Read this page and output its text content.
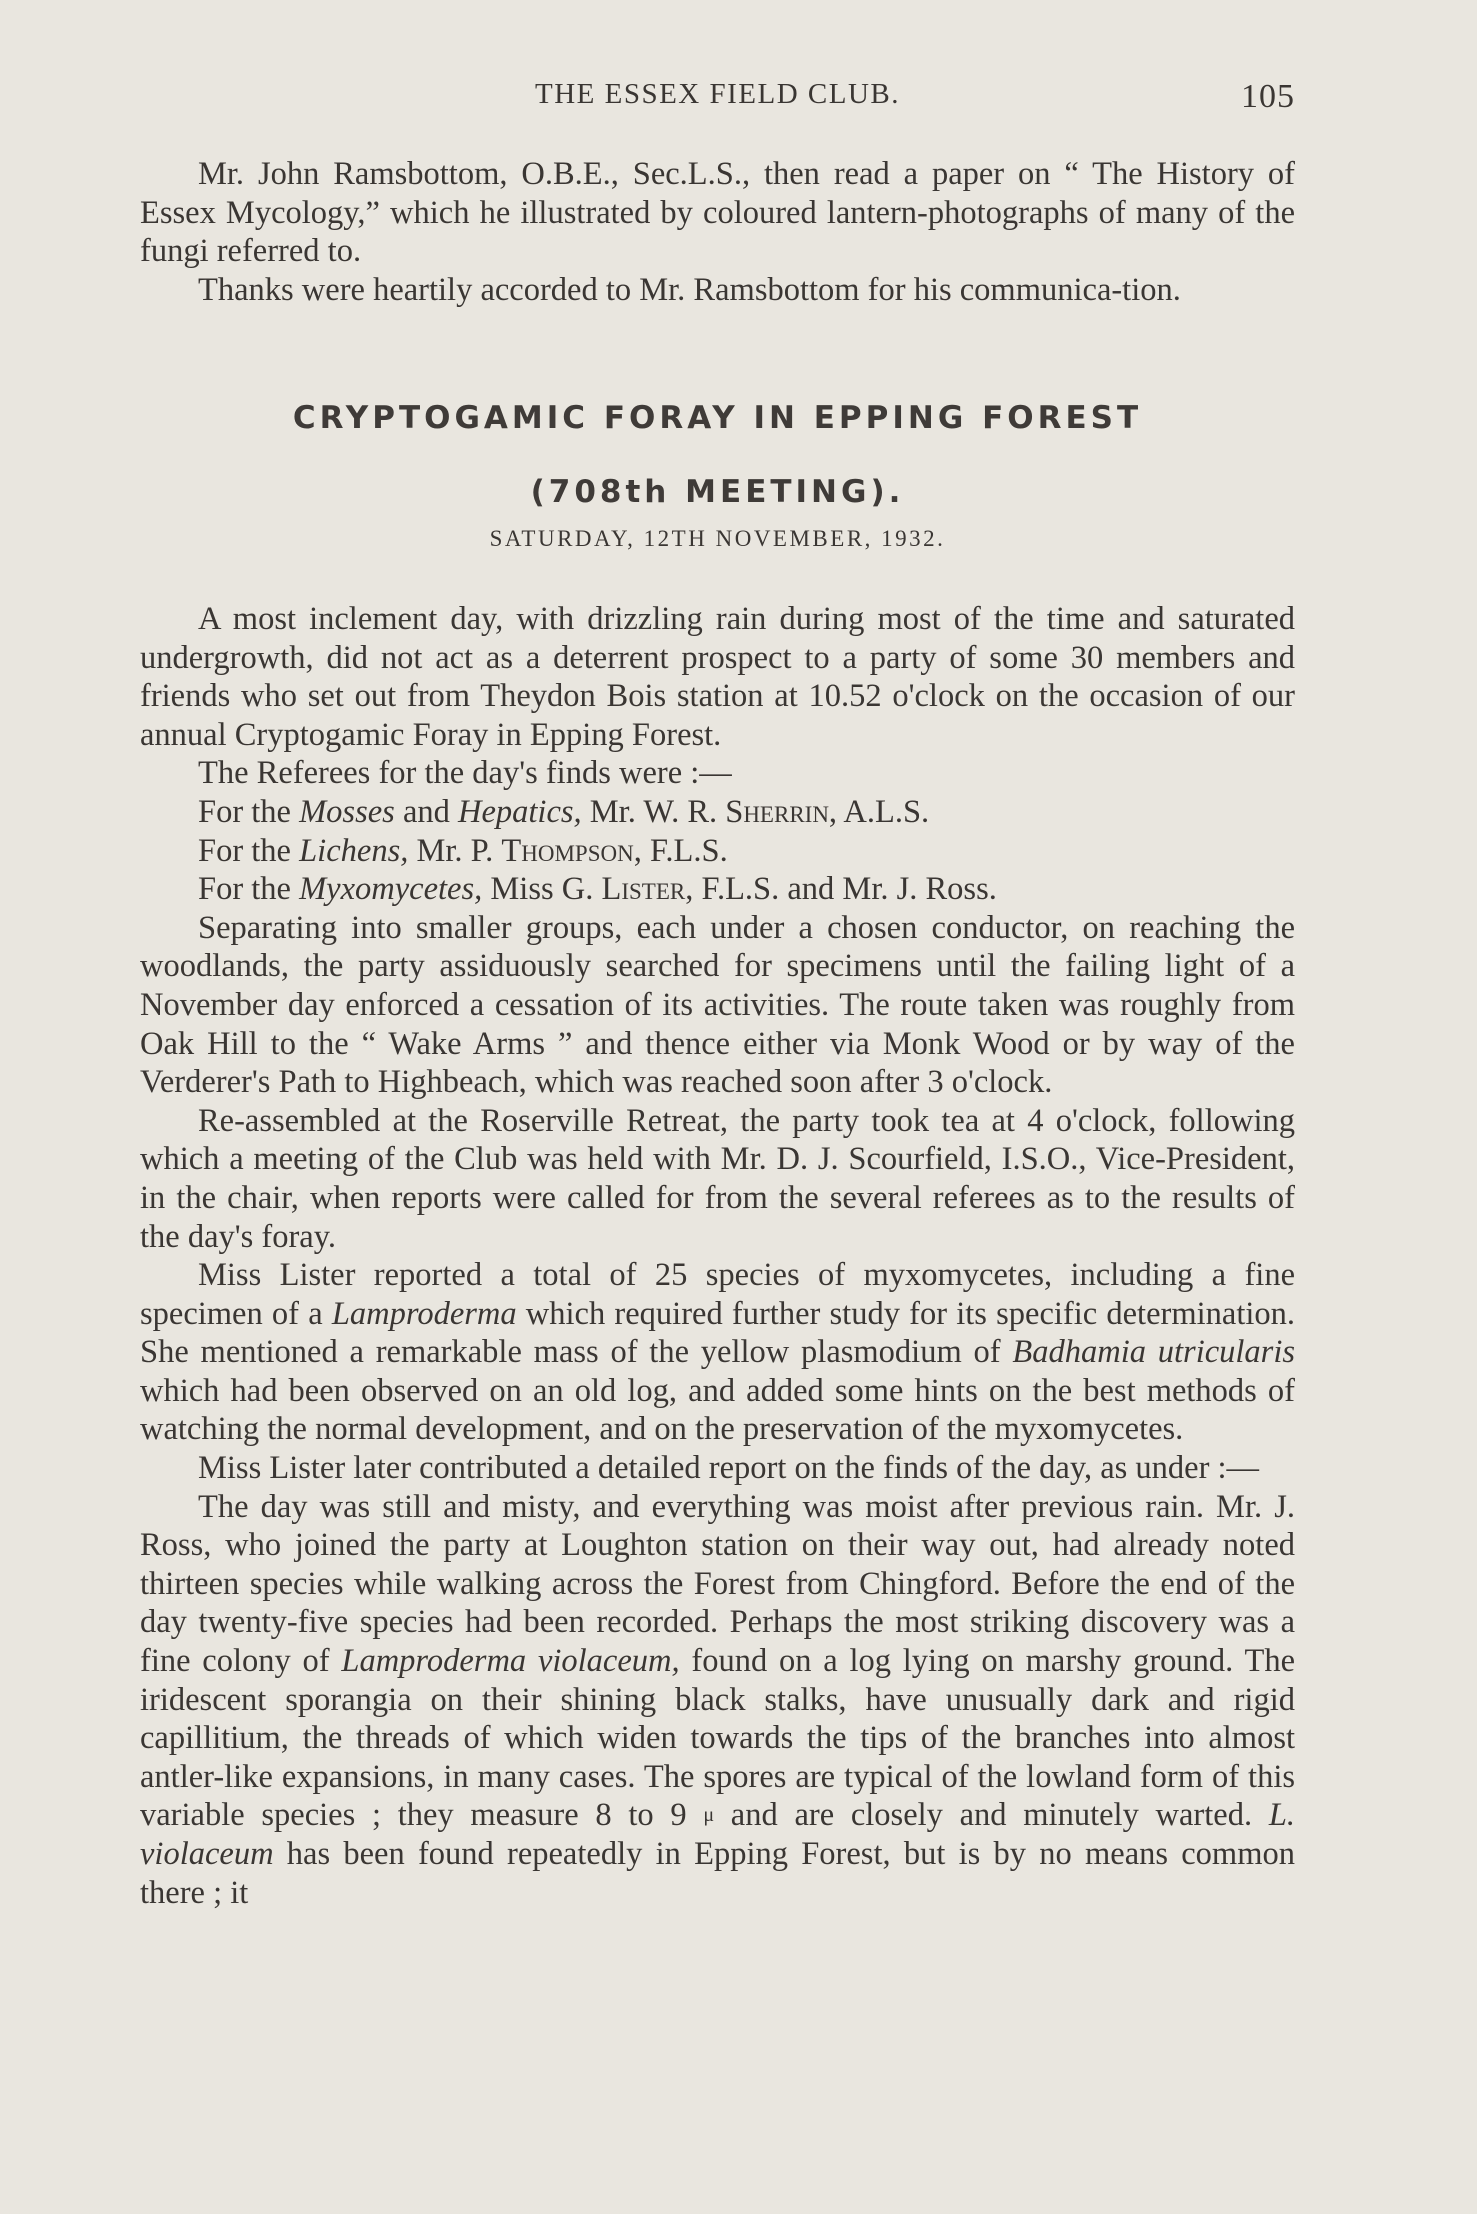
THE ESSEX FIELD CLUB.	105

Mr. John Ramsbottom, O.B.E., Sec.L.S., then read a paper on “ The History of Essex Mycology,” which he illustrated by coloured lantern-photographs of many of the fungi referred to.

Thanks were heartily accorded to Mr. Ramsbottom for his communica-tion.

CRYPTOGAMIC FORAY IN EPPING FOREST
(708th MEETING).
SATURDAY, 12TH NOVEMBER, 1932.

A most inclement day, with drizzling rain during most of the time and saturated undergrowth, did not act as a deterrent prospect to a party of some 30 members and friends who set out from Theydon Bois station at 10.52 o'clock on the occasion of our annual Cryptogamic Foray in Epping Forest.

The Referees for the day's finds were :—

For the Mosses and Hepatics, Mr. W. R. Sherrin, A.L.S.

For the Lichens, Mr. P. Thompson, F.L.S.

For the Myxomycetes, Miss G. Lister, F.L.S. and Mr. J. Ross.

Separating into smaller groups, each under a chosen conductor, on reaching the woodlands, the party assiduously searched for specimens until the failing light of a November day enforced a cessation of its activities. The route taken was roughly from Oak Hill to the “ Wake Arms ” and thence either via Monk Wood or by way of the Verderer's Path to Highbeach, which was reached soon after 3 o'clock.

Re-assembled at the Roserville Retreat, the party took tea at 4 o'clock, following which a meeting of the Club was held with Mr. D. J. Scourfield, I.S.O., Vice-President, in the chair, when reports were called for from the several referees as to the results of the day's foray.

Miss Lister reported a total of 25 species of myxomycetes, including a fine specimen of a Lamproderma which required further study for its specific determination. She mentioned a remarkable mass of the yellow plasmodium of Badhamia utricularis which had been observed on an old log, and added some hints on the best methods of watching the normal development, and on the preservation of the myxomycetes.

Miss Lister later contributed a detailed report on the finds of the day, as under :—

The day was still and misty, and everything was moist after previous rain. Mr. J. Ross, who joined the party at Loughton station on their way out, had already noted thirteen species while walking across the Forest from Chingford. Before the end of the day twenty-five species had been recorded. Perhaps the most striking discovery was a fine colony of Lamproderma violaceum, found on a log lying on marshy ground. The iridescent sporangia on their shining black stalks, have unusually dark and rigid capillitium, the threads of which widen towards the tips of the branches into almost antler-like expansions, in many cases. The spores are typical of the lowland form of this variable species ; they measure 8 to 9 μ and are closely and minutely warted. L. violaceum has been found repeatedly in Epping Forest, but is by no means common there ; it
